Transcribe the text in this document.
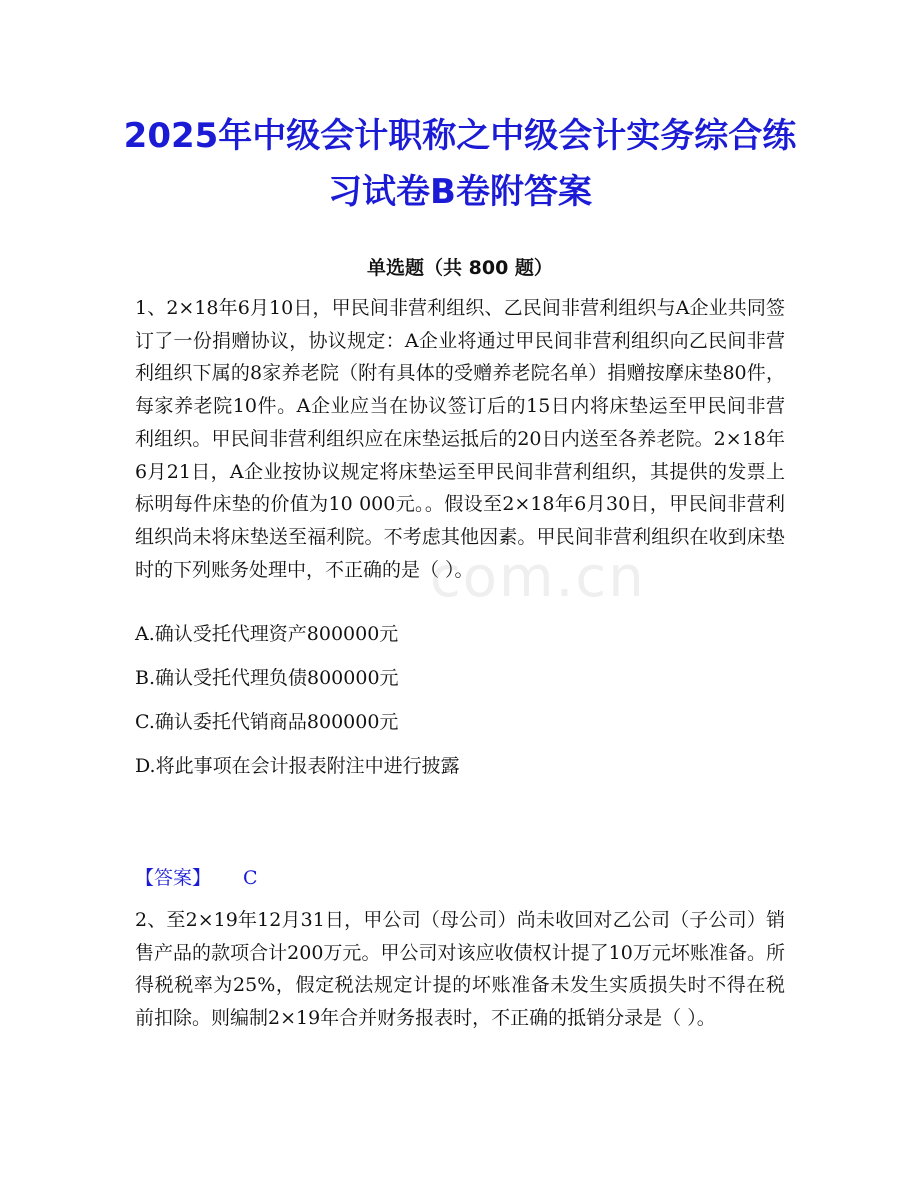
2025年中级会计职称之中级会计实务综合练习试卷B卷附答案
单选题（共 800 题）
1、2×18年6月10日，甲民间非营利组织、乙民间非营利组织与A企业共同签订了一份捐赠协议，协议规定：A企业将通过甲民间非营利组织向乙民间非营利组织下属的8家养老院（附有具体的受赠养老院名单）捐赠按摩床垫80件，每家养老院10件。A企业应当在协议签订后的15日内将床垫运至甲民间非营利组织。甲民间非营利组织应在床垫运抵后的20日内送至各养老院。2×18年6月21日，A企业按协议规定将床垫运至甲民间非营利组织，其提供的发票上标明每件床垫的价值为10 000元。。假设至2×18年6月30日，甲民间非营利组织尚未将床垫送至福利院。不考虑其他因素。甲民间非营利组织在收到床垫时的下列账务处理中，不正确的是（ ）。
A.确认受托代理资产800000元
B.确认受托代理负债800000元
C.确认委托代销商品800000元
D.将此事项在会计报表附注中进行披露
【答案】 C
2、至2×19年12月31日，甲公司（母公司）尚未收回对乙公司（子公司）销售产品的款项合计200万元。甲公司对该应收债权计提了10万元坏账准备。所得税税率为25%，假定税法规定计提的坏账准备未发生实质损失时不得在税前扣除。则编制2×19年合并财务报表时，不正确的抵销分录是（ ）。
com.cn
